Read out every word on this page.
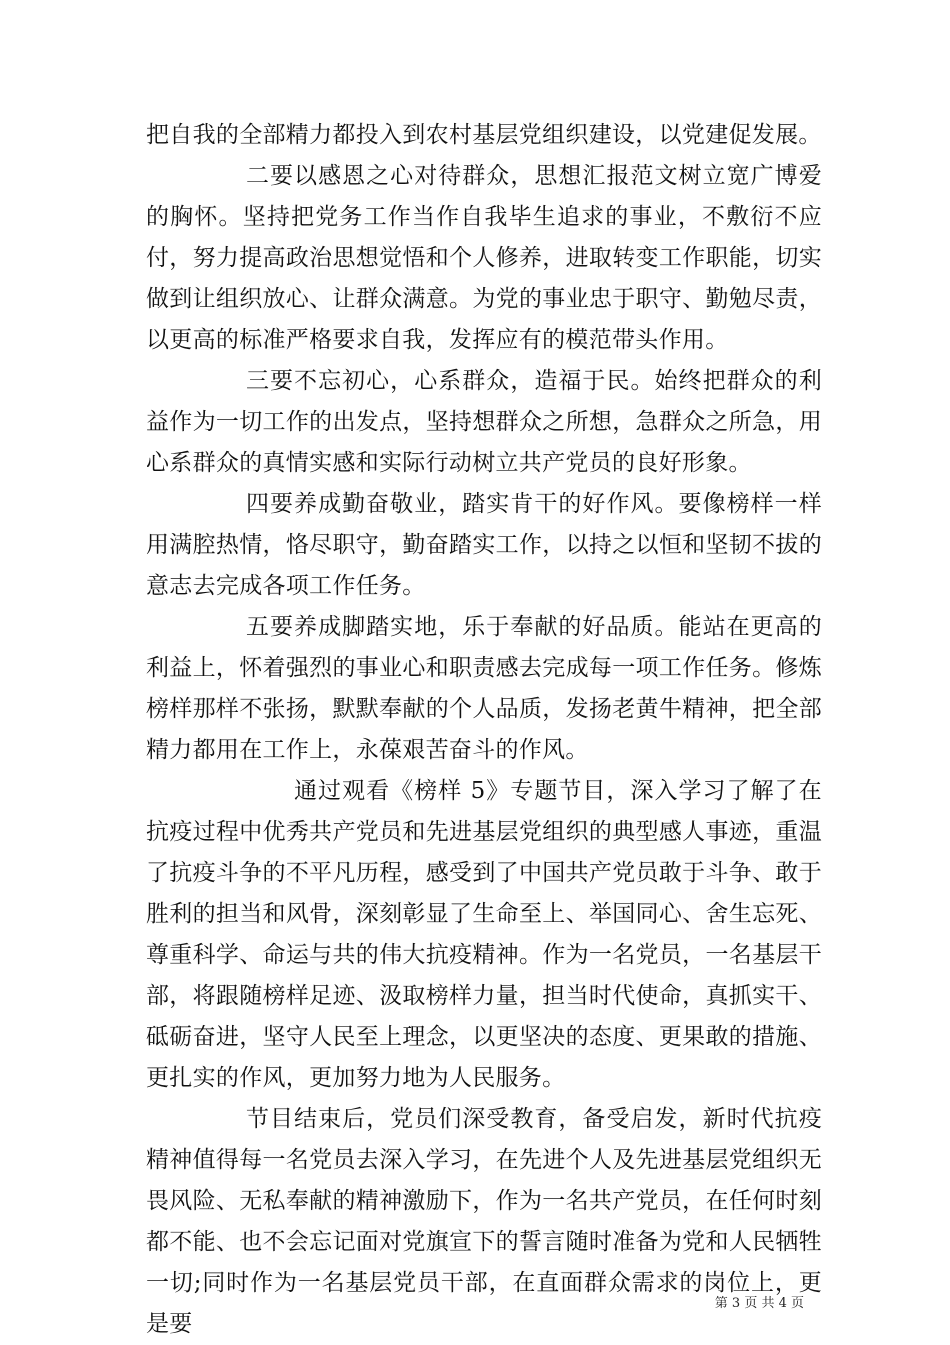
把自我的全部精力都投入到农村基层党组织建设，以党建促发展。

二要以感恩之心对待群众，思想汇报范文树立宽广博爱的胸怀。坚持把党务工作当作自我毕生追求的事业，不敷衍不应付，努力提高政治思想觉悟和个人修养，进取转变工作职能，切实做到让组织放心、让群众满意。为党的事业忠于职守、勤勉尽责，以更高的标准严格要求自我，发挥应有的模范带头作用。

三要不忘初心，心系群众，造福于民。始终把群众的利益作为一切工作的出发点，坚持想群众之所想，急群众之所急，用心系群众的真情实感和实际行动树立共产党员的良好形象。

四要养成勤奋敬业，踏实肯干的好作风。要像榜样一样用满腔热情，恪尽职守，勤奋踏实工作，以持之以恒和坚韧不拔的意志去完成各项工作任务。

五要养成脚踏实地，乐于奉献的好品质。能站在更高的利益上，怀着强烈的事业心和职责感去完成每一项工作任务。修炼榜样那样不张扬，默默奉献的个人品质，发扬老黄牛精神，把全部精力都用在工作上，永葆艰苦奋斗的作风。

通过观看《榜样 5》专题节目，深入学习了解了在抗疫过程中优秀共产党员和先进基层党组织的典型感人事迹，重温了抗疫斗争的不平凡历程，感受到了中国共产党员敢于斗争、敢于胜利的担当和风骨，深刻彰显了生命至上、举国同心、舍生忘死、尊重科学、命运与共的伟大抗疫精神。作为一名党员，一名基层干部，将跟随榜样足迹、汲取榜样力量，担当时代使命，真抓实干、砥砺奋进，坚守人民至上理念，以更坚决的态度、更果敢的措施、更扎实的作风，更加努力地为人民服务。

节目结束后，党员们深受教育，备受启发，新时代抗疫精神值得每一名党员去深入学习，在先进个人及先进基层党组织无畏风险、无私奉献的精神激励下，作为一名共产党员，在任何时刻都不能、也不会忘记面对党旗宣下的誓言随时准备为党和人民牺牲一切;同时作为一名基层党员干部，在直面群众需求的岗位上，更是要

第 3 页 共 4 页
